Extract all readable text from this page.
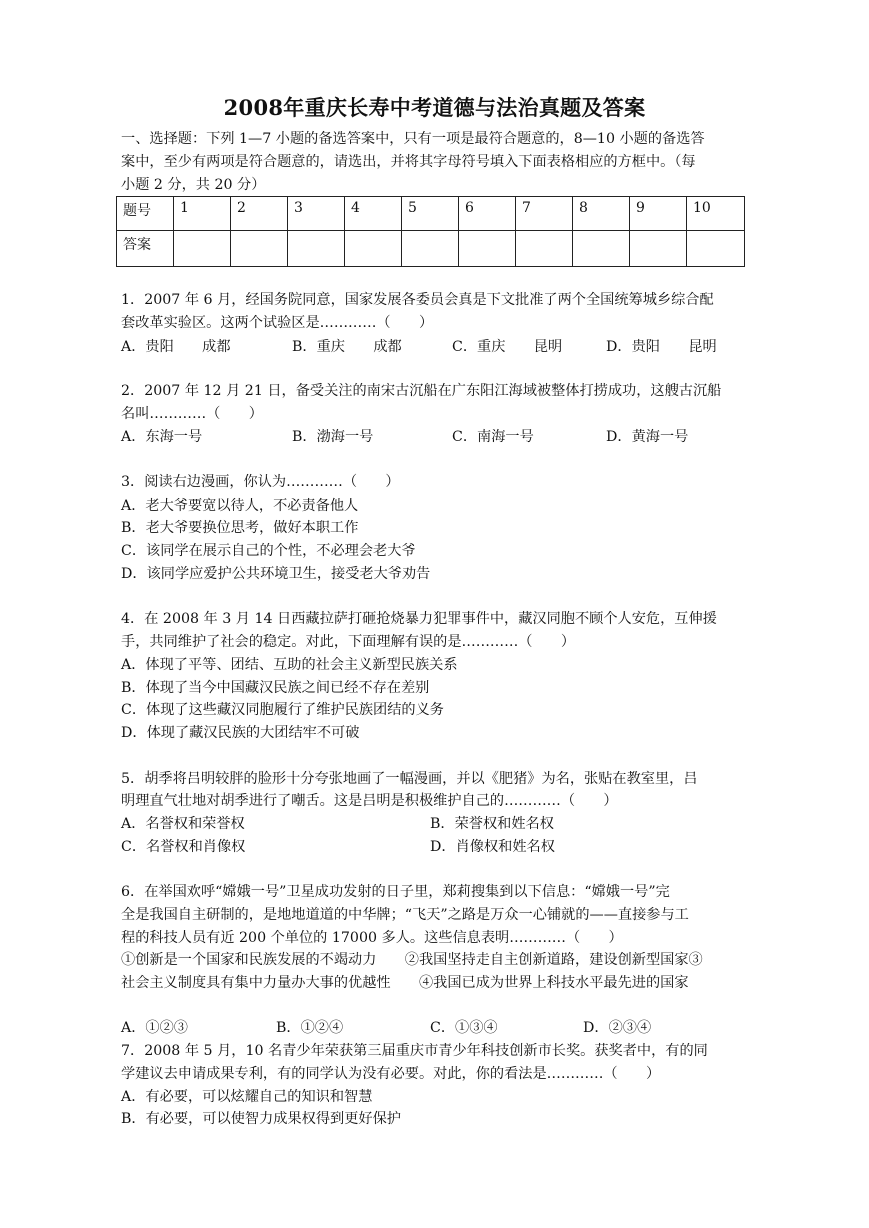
2008年重庆长寿中考道德与法治真题及答案
一、选择题：下列 1—7 小题的备选答案中，只有一项是最符合题意的，8—10 小题的备选答
案中，至少有两项是符合题意的，请选出，并将其字母符号填入下面表格相应的方框中。（每
小题 2 分，共 20 分）
题号	1	2	3	4	5	6	7	8	9	10
答案										
1．2007 年 6 月，经国务院同意，国家发展各委员会真是下文批准了两个全国统筹城乡综合配
套改革实验区。这两个试验区是…………（　　）
A．贵阳　　成都	B．重庆　　成都	C．重庆　　昆明	D．贵阳　　昆明
2．2007 年 12 月 21 日，备受关注的南宋古沉船在广东阳江海域被整体打捞成功，这艘古沉船
名叫…………（　　）
A．东海一号	B．渤海一号	C．南海一号	D．黄海一号
3．阅读右边漫画，你认为…………（　　）
A．老大爷要宽以待人，不必责备他人
B．老大爷要换位思考，做好本职工作
C．该同学在展示自己的个性，不必理会老大爷
D．该同学应爱护公共环境卫生，接受老大爷劝告
4．在 2008 年 3 月 14 日西藏拉萨打砸抢烧暴力犯罪事件中，藏汉同胞不顾个人安危，互伸援
手，共同维护了社会的稳定。对此，下面理解有误的是…………（　　）
A．体现了平等、团结、互助的社会主义新型民族关系
B．体现了当今中国藏汉民族之间已经不存在差别
C．体现了这些藏汉同胞履行了维护民族团结的义务
D．体现了藏汉民族的大团结牢不可破
5．胡季将吕明较胖的脸形十分夸张地画了一幅漫画，并以《肥猪》为名，张贴在教室里，吕
明理直气壮地对胡季进行了嘲舌。这是吕明是积极维护自己的…………（　　）
A．名誉权和荣誉权	B．荣誉权和姓名权
C．名誉权和肖像权	D．肖像权和姓名权
6．在举国欢呼“嫦娥一号”卫星成功发射的日子里，郑莉搜集到以下信息：“嫦娥一号”完
全是我国自主研制的，是地地道道的中华牌；“飞天”之路是万众一心铺就的——直接参与工
程的科技人员有近 200 个单位的 17000 多人。这些信息表明…………（　　）
①创新是一个国家和民族发展的不竭动力　　②我国坚持走自主创新道路，建设创新型国家③
社会主义制度具有集中力量办大事的优越性　　④我国已成为世界上科技水平最先进的国家
A．①②③	B．①②④	C．①③④	D．②③④
7．2008 年 5 月，10 名青少年荣获第三届重庆市青少年科技创新市长奖。获奖者中，有的同
学建议去申请成果专利，有的同学认为没有必要。对此，你的看法是…………（　　）
A．有必要，可以炫耀自己的知识和智慧
B．有必要，可以使智力成果权得到更好保护
